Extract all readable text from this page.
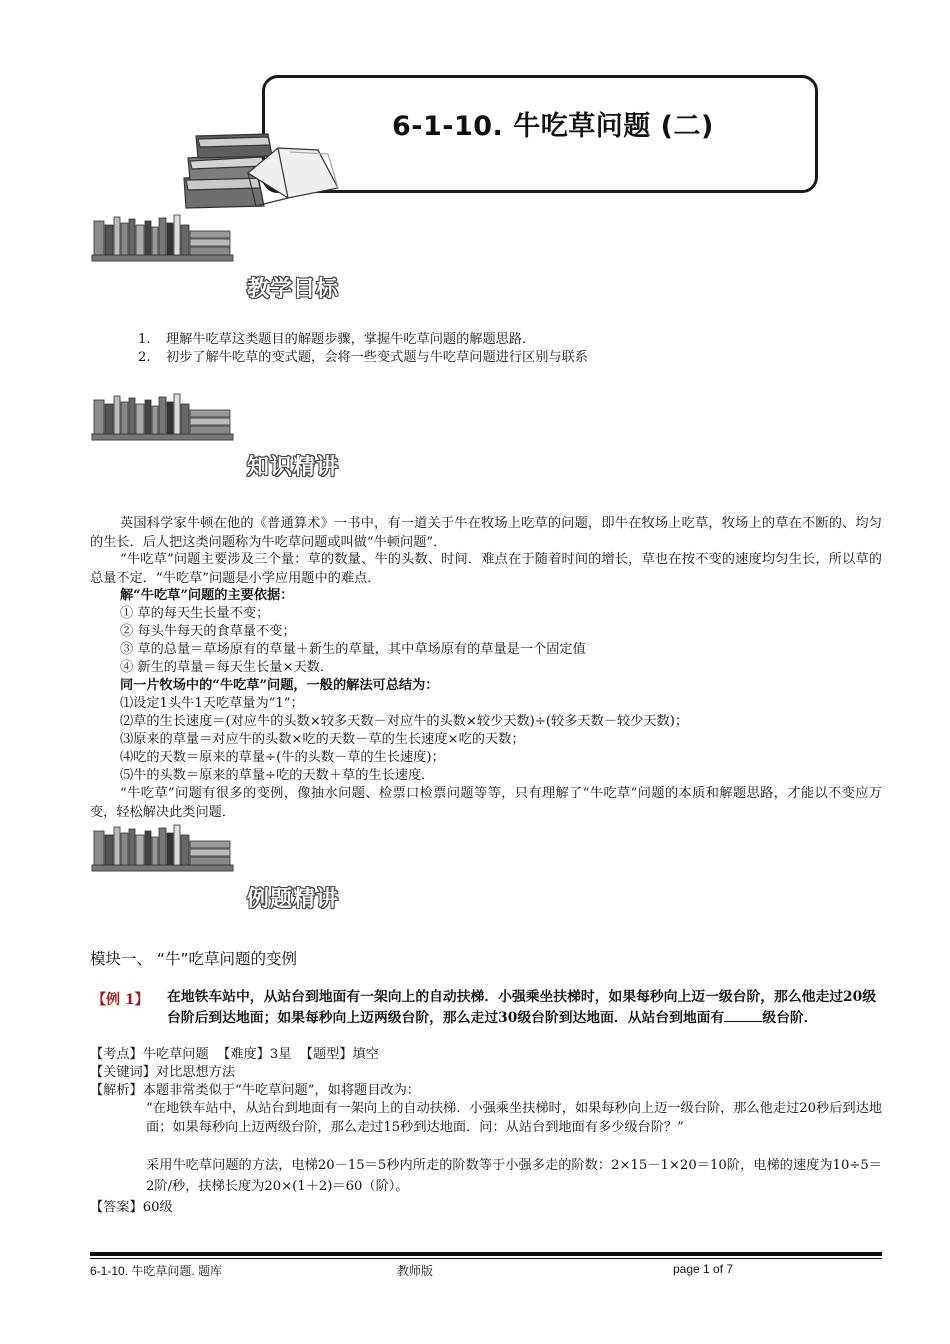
6-1-10. 牛吃草问题 (二)
教学目标
1. 理解牛吃草这类题目的解题步骤，掌握牛吃草问题的解题思路.
2. 初步了解牛吃草的变式题，会将一些变式题与牛吃草问题进行区别与联系
知识精讲
英国科学家牛顿在他的《普通算术》一书中，有一道关于牛在牧场上吃草的问题，即牛在牧场上吃草，牧场上的草在不断的、均匀的生长．后人把这类问题称为牛吃草问题或叫做“牛顿问题”．
“牛吃草”问题主要涉及三个量：草的数量、牛的头数、时间．难点在于随着时间的增长，草也在按不变的速度均匀生长，所以草的总量不定．“牛吃草”问题是小学应用题中的难点．
解“牛吃草”问题的主要依据：
① 草的每天生长量不变；
② 每头牛每天的食草量不变；
③ 草的总量＝草场原有的草量＋新生的草量，其中草场原有的草量是一个固定值
④ 新生的草量＝每天生长量×天数．
同一片牧场中的“牛吃草”问题，一般的解法可总结为：
⑴设定1头牛1天吃草量为“1”；
⑵草的生长速度＝(对应牛的头数×较多天数－对应牛的头数×较少天数)÷(较多天数－较少天数)；
⑶原来的草量＝对应牛的头数×吃的天数－草的生长速度×吃的天数；
⑷吃的天数＝原来的草量÷(牛的头数－草的生长速度)；
⑸牛的头数＝原来的草量÷吃的天数＋草的生长速度．
“牛吃草”问题有很多的变例，像抽水问题、检票口检票问题等等，只有理解了“牛吃草”问题的本质和解题思路，才能以不变应万变，轻松解决此类问题．
例题精讲
模块一、 “牛”吃草问题的变例
【例 1】 在地铁车站中，从站台到地面有一架向上的自动扶梯．小强乘坐扶梯时，如果每秒向上迈一级台阶，那么他走过20级台阶后到达地面；如果每秒向上迈两级台阶，那么走过30级台阶到达地面．从站台到地面有	级台阶．
【考点】牛吃草问题 【难度】3星 【题型】填空
【关键词】对比思想方法
【解析】本题非常类似于“牛吃草问题”，如将题目改为：
“在地铁车站中，从站台到地面有一架向上的自动扶梯．小强乘坐扶梯时，如果每秒向上迈一级台阶，那么他走过20秒后到达地面；如果每秒向上迈两级台阶，那么走过15秒到达地面．问：从站台到地面有多少级台阶？”
采用牛吃草问题的方法，电梯20－15＝5秒内所走的阶数等于小强多走的阶数：2×15－1×20＝10阶，电梯的速度为10÷5＝2阶/秒，扶梯长度为20×(1＋2)＝60（阶）。
【答案】60级
6-1-10. 牛吃草问题. 题库	教师版	page 1 of 7
